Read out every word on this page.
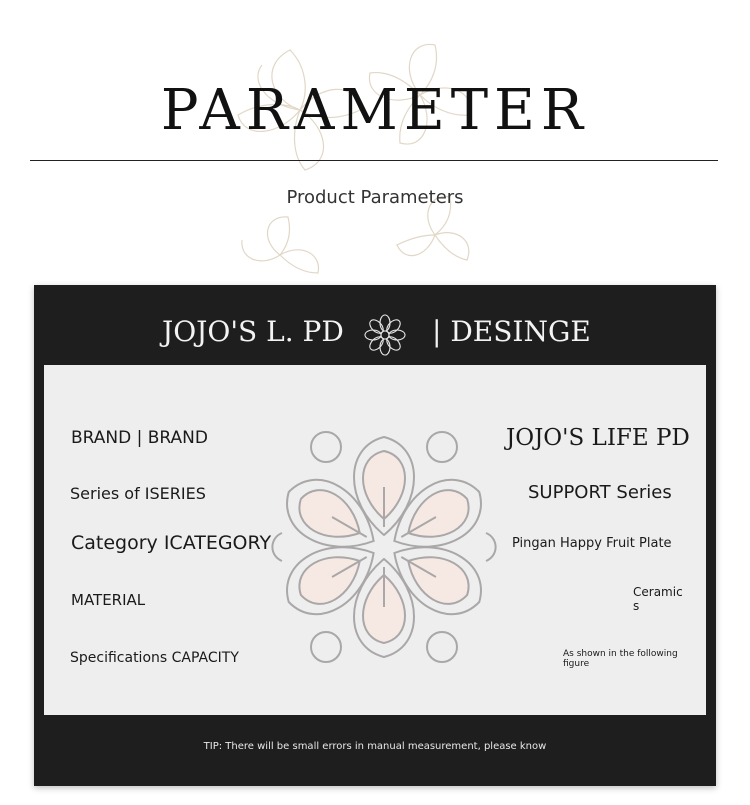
PARAMETER
Product Parameters
JOJO'S L. PD	| DESINGE
BRAND | BRAND	JOJO'S LIFE PD
Series of ISERIES	SUPPORT Series
Category ICATEGORY	Pingan Happy Fruit Plate
MATERIAL	Ceramics
Specifications CAPACITY	As shown in the following figure
TIP: There will be small errors in manual measurement, please know
